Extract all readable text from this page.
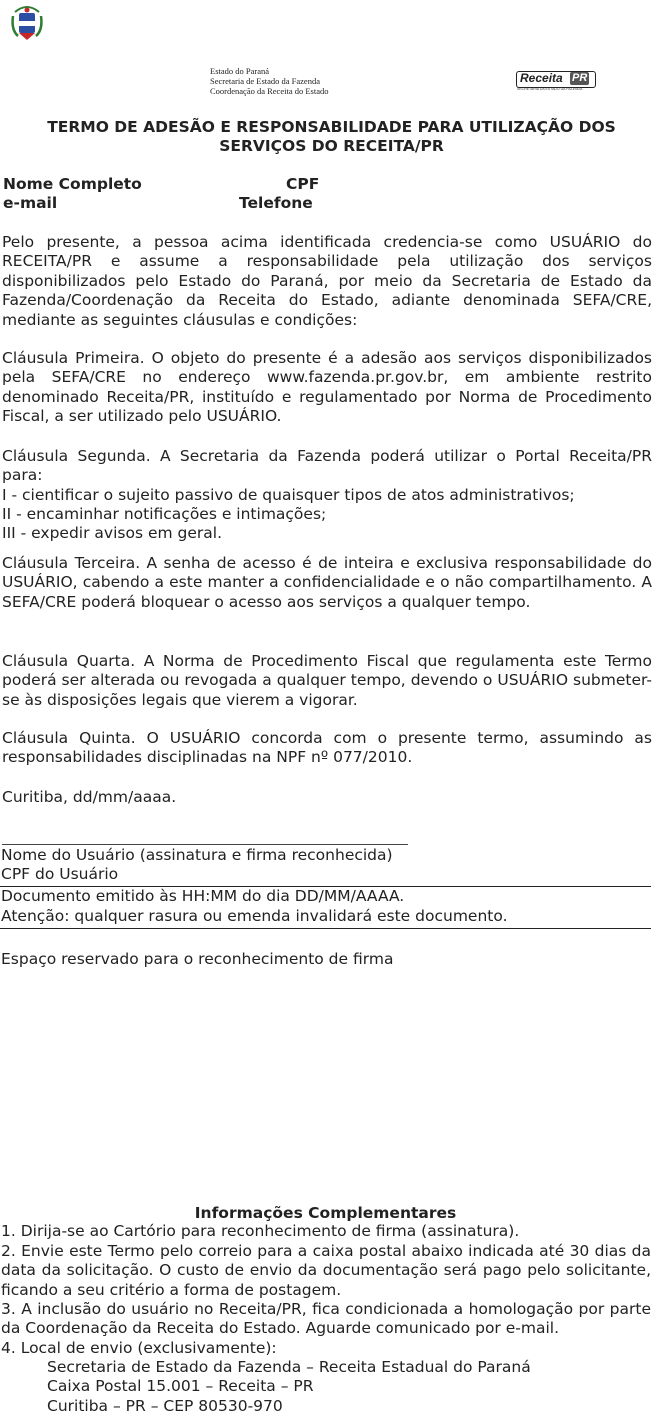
Estado do Paraná
Secretaria de Estado da Fazenda
Coordenação da Receita do Estado
Receita PR
SECRETARIA DA ESTADO DA FAZENDA
TERMO DE ADESÃO E RESPONSABILIDADE PARA UTILIZAÇÃO DOS
SERVIÇOS DO RECEITA/PR
Nome Completo	CPF
e-mail	Telefone
Pelo presente, a pessoa acima identificada credencia-se como USUÁRIO do RECEITA/PR e assume a responsabilidade pela utilização dos serviços disponibilizados pelo Estado do Paraná, por meio da Secretaria de Estado da Fazenda/Coordenação da Receita do Estado, adiante denominada SEFA/CRE, mediante as seguintes cláusulas e condições:
Cláusula Primeira. O objeto do presente é a adesão aos serviços disponibilizados pela SEFA/CRE no endereço www.fazenda.pr.gov.br, em ambiente restrito denominado Receita/PR, instituído e regulamentado por Norma de Procedimento Fiscal, a ser utilizado pelo USUÁRIO.
Cláusula Segunda. A Secretaria da Fazenda poderá utilizar o Portal Receita/PR para:
I - cientificar o sujeito passivo de quaisquer tipos de atos administrativos;
II - encaminhar notificações e intimações;
III - expedir avisos em geral.
Cláusula Terceira. A senha de acesso é de inteira e exclusiva responsabilidade do USUÁRIO, cabendo a este manter a confidencialidade e o não compartilhamento. A SEFA/CRE poderá bloquear o acesso aos serviços a qualquer tempo.
Cláusula Quarta. A Norma de Procedimento Fiscal que regulamenta este Termo poderá ser alterada ou revogada a qualquer tempo, devendo o USUÁRIO submeter-se às disposições legais que vierem a vigorar.
Cláusula Quinta. O USUÁRIO concorda com o presente termo, assumindo as responsabilidades disciplinadas na NPF nº 077/2010.
Curitiba, dd/mm/aaaa.
Nome do Usuário (assinatura e firma reconhecida)
CPF do Usuário
Documento emitido às HH:MM do dia DD/MM/AAAA.
Atenção: qualquer rasura ou emenda invalidará este documento.
Espaço reservado para o reconhecimento de firma
Informações Complementares
1. Dirija-se ao Cartório para reconhecimento de firma (assinatura).
2. Envie este Termo pelo correio para a caixa postal abaixo indicada até 30 dias da data da solicitação. O custo de envio da documentação será pago pelo solicitante, ficando a seu critério a forma de postagem.
3. A inclusão do usuário no Receita/PR, fica condicionada a homologação por parte da Coordenação da Receita do Estado. Aguarde comunicado por e-mail.
4. Local de envio (exclusivamente):
Secretaria de Estado da Fazenda – Receita Estadual do Paraná
Caixa Postal 15.001 – Receita – PR
Curitiba – PR – CEP 80530-970
